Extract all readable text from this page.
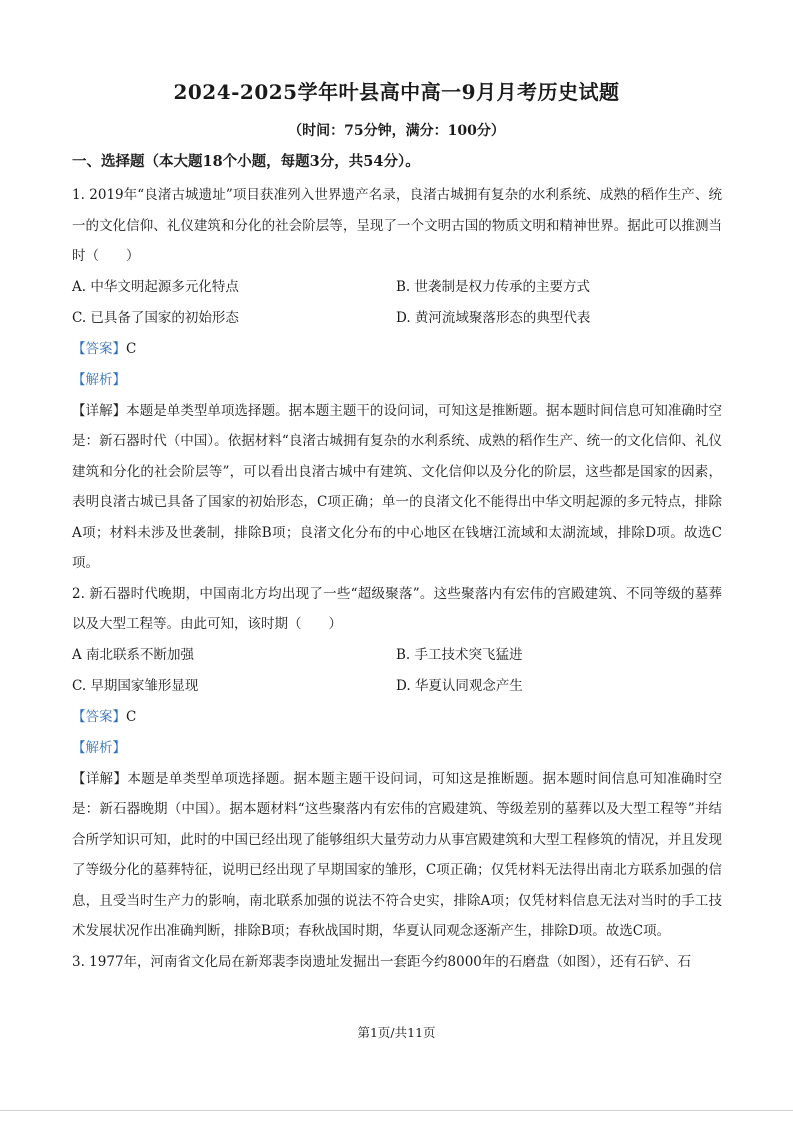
2024-2025学年叶县高中高一9月月考历史试题
（时间：75分钟，满分：100分）
一、选择题（本大题18个小题，每题3分，共54分）。

1. 2019年“良渚古城遗址”项目获准列入世界遗产名录，良渚古城拥有复杂的水利系统、成熟的稻作生产、统一的文化信仰、礼仪建筑和分化的社会阶层等，呈现了一个文明古国的物质文明和精神世界。据此可以推测当时（　　）

A. 中华文明起源多元化特点	B. 世袭制是权力传承的主要方式
C. 已具备了国家的初始形态	D. 黄河流域聚落形态的典型代表
【答案】C
【解析】

【详解】本题是单类型单项选择题。据本题主题干的设问词，可知这是推断题。据本题时间信息可知准确时空是：新石器时代（中国）。依据材料“良渚古城拥有复杂的水利系统、成熟的稻作生产、统一的文化信仰、礼仪建筑和分化的社会阶层等”，可以看出良渚古城中有建筑、文化信仰以及分化的阶层，这些都是国家的因素，表明良渚古城已具备了国家的初始形态，C项正确；单一的良渚文化不能得出中华文明起源的多元特点，排除A项；材料未涉及世袭制，排除B项；良渚文化分布的中心地区在钱塘江流域和太湖流域，排除D项。故选C项。

2. 新石器时代晚期，中国南北方均出现了一些“超级聚落”。这些聚落内有宏伟的宫殿建筑、不同等级的墓葬以及大型工程等。由此可知，该时期（　　）

A 南北联系不断加强	B. 手工技术突飞猛进
C. 早期国家雏形显现	D. 华夏认同观念产生
【答案】C
【解析】

【详解】本题是单类型单项选择题。据本题主题干设问词，可知这是推断题。据本题时间信息可知准确时空是：新石器晚期（中国）。据本题材料“这些聚落内有宏伟的宫殿建筑、等级差别的墓葬以及大型工程等”并结合所学知识可知，此时的中国已经出现了能够组织大量劳动力从事宫殿建筑和大型工程修筑的情况，并且发现了等级分化的墓葬特征，说明已经出现了早期国家的雏形，C项正确；仅凭材料无法得出南北方联系加强的信息，且受当时生产力的影响，南北联系加强的说法不符合史实，排除A项；仅凭材料信息无法对当时的手工技术发展状况作出准确判断，排除B项；春秋战国时期，华夏认同观念逐渐产生，排除D项。故选C项。

3. 1977年，河南省文化局在新郑裴李岗遗址发掘出一套距今约8000年的石磨盘（如图），还有石铲、石

第1页/共11页
